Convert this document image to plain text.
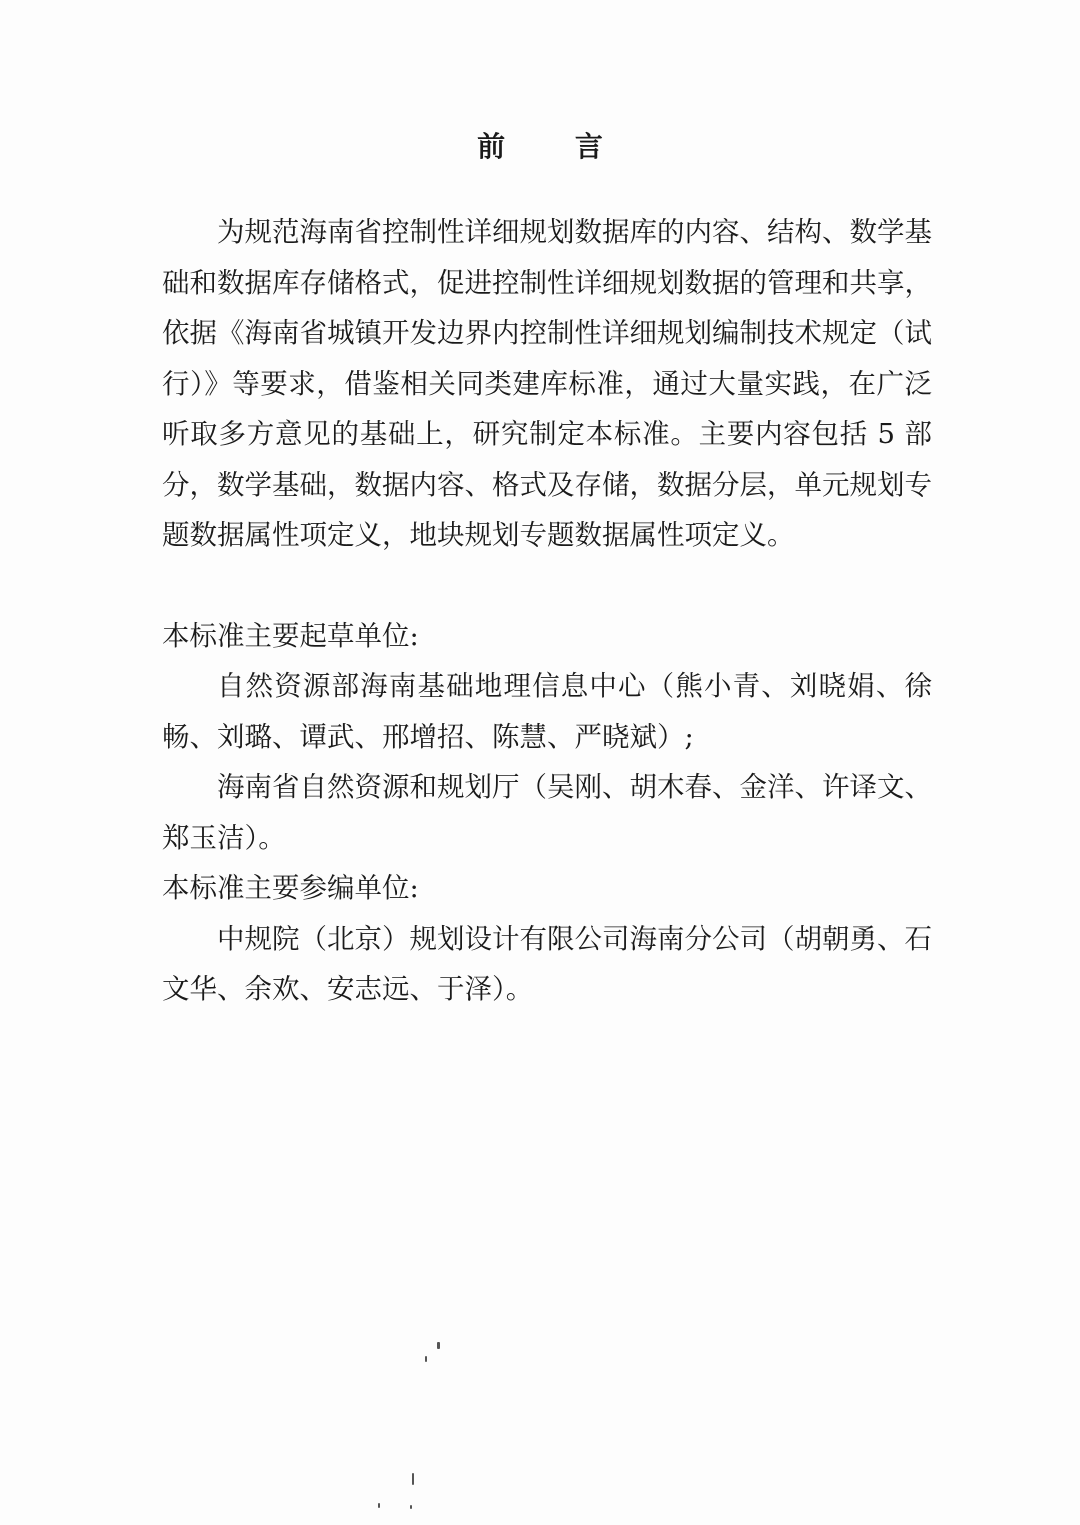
前 言

为规范海南省控制性详细规划数据库的内容、结构、数学基础和数据库存储格式，促进控制性详细规划数据的管理和共享，依据《海南省城镇开发边界内控制性详细规划编制技术规定（试行）》等要求，借鉴相关同类建库标准，通过大量实践，在广泛听取多方意见的基础上，研究制定本标准。主要内容包括 5 部分，数学基础，数据内容、格式及存储，数据分层，单元规划专题数据属性项定义，地块规划专题数据属性项定义。

本标准主要起草单位:

自然资源部海南基础地理信息中心（熊小青、刘晓娟、徐畅、刘璐、谭武、邢增招、陈慧、严晓斌）;

海南省自然资源和规划厅（吴刚、胡木春、金洋、许译文、郑玉洁）。

本标准主要参编单位:

中规院（北京）规划设计有限公司海南分公司（胡朝勇、石文华、余欢、安志远、于泽）。
